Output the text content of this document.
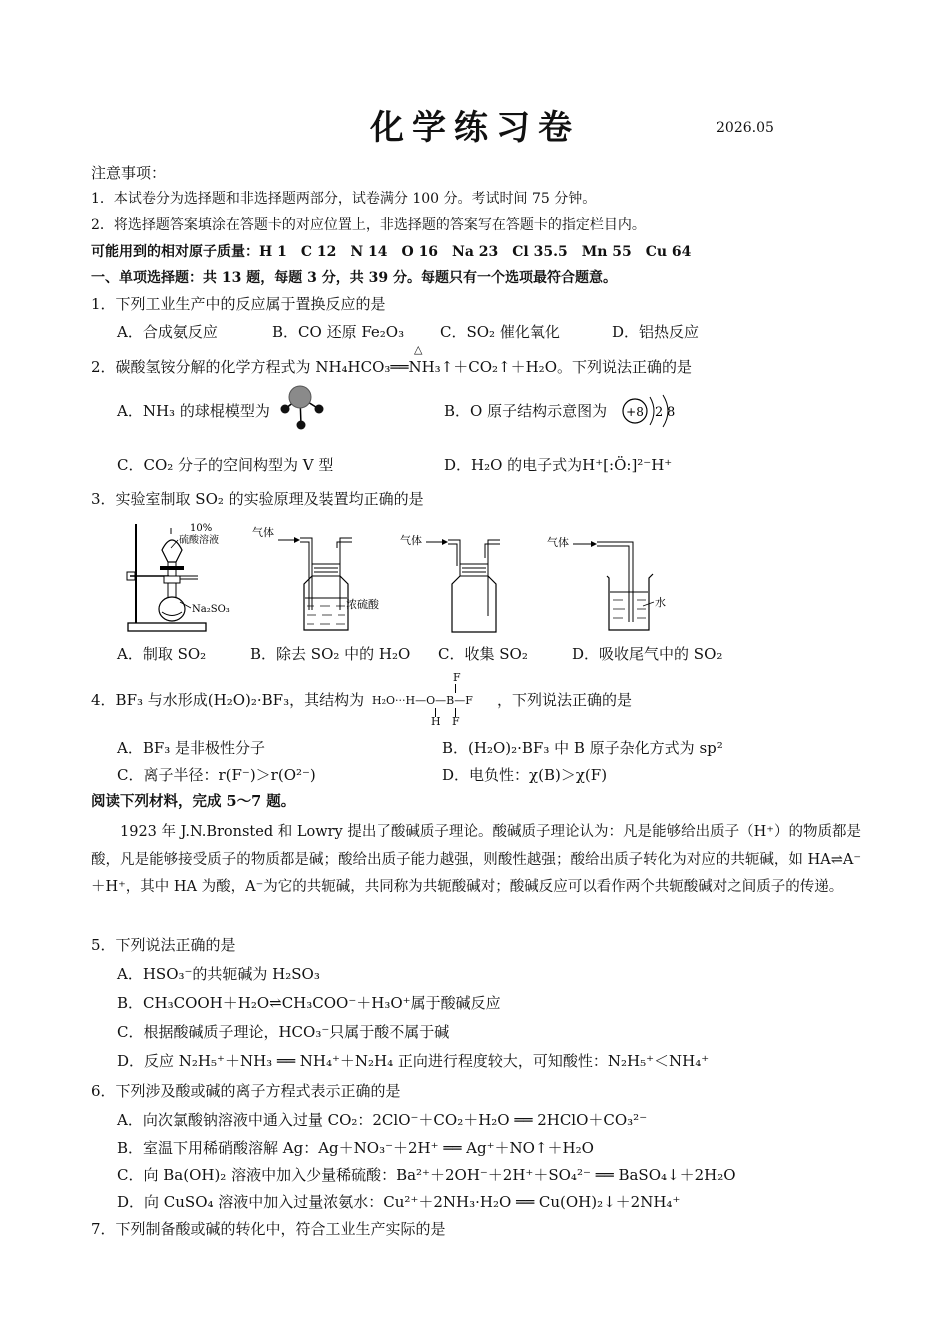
化学练习卷	2026.05
注意事项：
1．本试卷分为选择题和非选择题两部分，试卷满分 100 分。考试时间 75 分钟。
2．将选择题答案填涂在答题卡的对应位置上，非选择题的答案写在答题卡的指定栏目内。
可能用到的相对原子质量：H 1　C 12　N 14　O 16　Na 23　Cl 35.5　Mn 55　Cu 64
一、单项选择题：共 13 题，每题 3 分，共 39 分。每题只有一个选项最符合题意。
1．下列工业生产中的反应属于置换反应的是
A．合成氨反应	B．CO 还原 Fe₂O₃ C．SO₂ 催化氧化	D．铝热反应
2．碳酸氢铵分解的化学方程式为 NH₄HCO₃══NH₃↑＋CO₂↑＋H₂O。下列说法正确的是
△
A．NH₃ 的球棍模型为	B．O 原子结构示意图为 +8 2 8
C．CO₂ 分子的空间构型为 V 型	D．H₂O 的电子式为H⁺[:Ö:]²⁻H⁺
3．实验室制取 SO₂ 的实验原理及装置均正确的是
10%
硫酸溶液
Na₂SO₃
气体
浓硫酸
气体	气体
水
A．制取 SO₂	B．除去 SO₂ 中的 H₂O C．收集 SO₂	D．吸收尾气中的 SO₂
4．BF₃ 与水形成(H₂O)₂·BF₃，其结构为
F
H₂O···H—O—B—F
H F
，下列说法正确的是
A．BF₃ 是非极性分子	B．(H₂O)₂·BF₃ 中 B 原子杂化方式为 sp²
C．离子半径：r(F⁻)＞r(O²⁻)	D．电负性：χ(B)＞χ(F)
阅读下列材料，完成 5～7 题。
1923 年 J.N.Bronsted 和 Lowry 提出了酸碱质子理论。酸碱质子理论认为：凡是能够给出质子（H⁺）的物质都是酸，凡是能够接受质子的物质都是碱；酸给出质子能力越强，则酸性越强；酸给出质子转化为对应的共轭碱，如 HA⇌A⁻＋H⁺，其中 HA 为酸，A⁻为它的共轭碱，共同称为共轭酸碱对；酸碱反应可以看作两个共轭酸碱对之间质子的传递。
5．下列说法正确的是
A．HSO₃⁻的共轭碱为 H₂SO₃
B．CH₃COOH＋H₂O⇌CH₃COO⁻＋H₃O⁺属于酸碱反应
C．根据酸碱质子理论，HCO₃⁻只属于酸不属于碱
D．反应 N₂H₅⁺＋NH₃ ══ NH₄⁺＋N₂H₄ 正向进行程度较大，可知酸性：N₂H₅⁺＜NH₄⁺
6．下列涉及酸或碱的离子方程式表示正确的是
A．向次氯酸钠溶液中通入过量 CO₂：2ClO⁻＋CO₂＋H₂O ══ 2HClO＋CO₃²⁻
B．室温下用稀硝酸溶解 Ag：Ag＋NO₃⁻＋2H⁺ ══ Ag⁺＋NO↑＋H₂O
C．向 Ba(OH)₂ 溶液中加入少量稀硫酸：Ba²⁺＋2OH⁻＋2H⁺＋SO₄²⁻ ══ BaSO₄↓＋2H₂O
D．向 CuSO₄ 溶液中加入过量浓氨水：Cu²⁺＋2NH₃·H₂O ══ Cu(OH)₂↓＋2NH₄⁺
7．下列制备酸或碱的转化中，符合工业生产实际的是
